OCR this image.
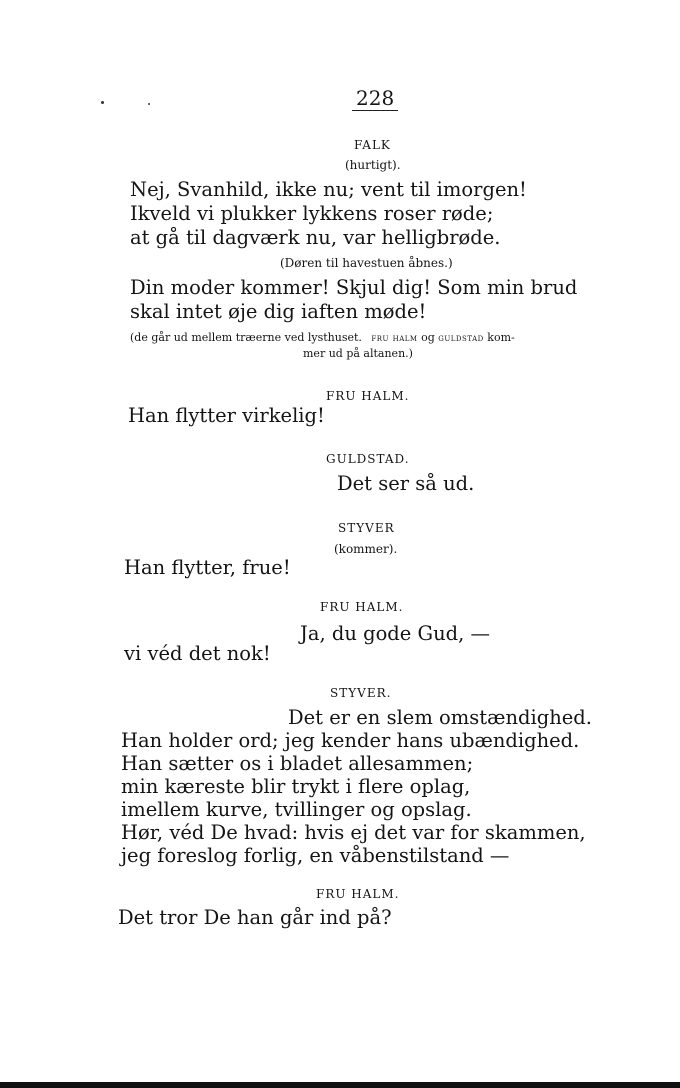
228
FALK
(hurtigt).
Nej, Svanhild, ikke nu; vent til imorgen!
Ikveld vi plukker lykkens roser røde;
at gå til dagværk nu, var helligbrøde.
(Døren til havestuen åbnes.)
Din moder kommer! Skjul dig! Som min brud
skal intet øje dig iaften møde!
(de går ud mellem træerne ved lysthuset. fru halm og guldstad kom-
mer ud på altanen.)
FRU HALM.
Han flytter virkelig!
GULDSTAD.
Det ser så ud.
STYVER
(kommer).
Han flytter, frue!
FRU HALM.
Ja, du gode Gud, —
vi véd det nok!
STYVER.
Det er en slem omstændighed.
Han holder ord; jeg kender hans ubændighed.
Han sætter os i bladet allesammen;
min kæreste blir trykt i flere oplag,
imellem kurve, tvillinger og opslag.
Hør, véd De hvad: hvis ej det var for skammen,
jeg foreslog forlig, en våbenstilstand —
FRU HALM.
Det tror De han går ind på?
